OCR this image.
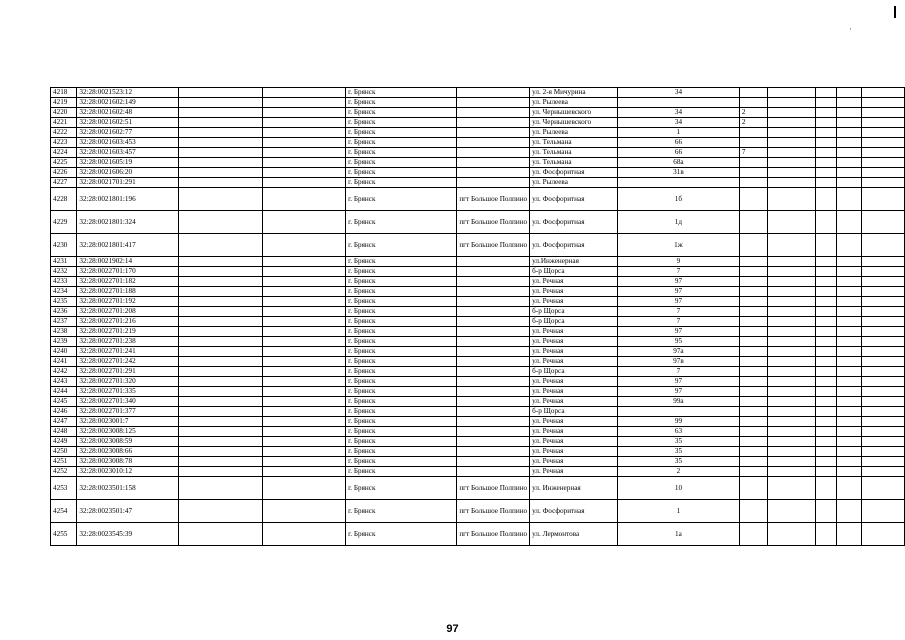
·
4218	32:28:0021523:12			г. Брянск		ул. 2-я Мичурина	34					
4219	32:28:0021602:149			г. Брянск		ул. Рылеева						
4220	32:28:0021602:48			г. Брянск		ул. Чернышевского	34	2				
4221	32:28:0021602:51			г. Брянск		ул. Чернышевского	34	2				
4222	32:28:0021602:77			г. Брянск		ул. Рылеева	1					
4223	32:28:0021603:453			г. Брянск		ул. Тельмана	66					
4224	32:28:0021603:457			г. Брянск		ул. Тельмана	66	7				
4225	32:28:0021605:19			г. Брянск		ул. Тельмана	68а					
4226	32:28:0021606:20			г. Брянск		ул. Фосфоритная	31в					
4227	32:28:0021701:291			г. Брянск		ул. Рылеева						
4228	32:28:0021801:196			г. Брянск	пгт Большое Полпино	ул. Фосфоритная	1б					
4229	32:28:0021801:324			г. Брянск	пгт Большое Полпино	ул. Фосфоритная	1д					
4230	32:28:0021801:417			г. Брянск	пгт Большое Полпино	ул. Фосфоритная	1ж					
4231	32:28:0021902:14			г. Брянск		ул.Инженерная	9					
4232	32:28:0022701:170			г. Брянск		б-р Щорса	7					
4233	32:28:0022701:182			г. Брянск		ул. Речная	97					
4234	32:28:0022701:188			г. Брянск		ул. Речная	97					
4235	32:28:0022701:192			г. Брянск		ул. Речная	97					
4236	32:28:0022701:208			г. Брянск		б-р Щорса	7					
4237	32:28:0022701:216			г. Брянск		б-р Щорса	7					
4238	32:28:0022701:219			г. Брянск		ул. Речная	97					
4239	32:28:0022701:238			г. Брянск		ул. Речная	95					
4240	32:28:0022701:241			г. Брянск		ул. Речная	97а					
4241	32:28:0022701:242			г. Брянск		ул. Речная	97в					
4242	32:28:0022701:291			г. Брянск		б-р Щорса	7					
4243	32:28:0022701:320			г. Брянск		ул. Речная	97					
4244	32:28:0022701:335			г. Брянск		ул. Речная	97					
4245	32:28:0022701:340			г. Брянск		ул. Речная	99а					
4246	32:28:0022701:377			г. Брянск		б-р Щорса						
4247	32:28:0023001:7			г. Брянск		ул. Речная	99					
4248	32:28:0023008:125			г. Брянск		ул. Речная	63					
4249	32:28:0023008:59			г. Брянск		ул. Речная	35					
4250	32:28:0023008:66			г. Брянск		ул. Речная	35					
4251	32:28:0023008:78			г. Брянск		ул. Речная	35					
4252	32:28:0023010:12			г. Брянск		ул. Речная	2					
4253	32:28:0023501:158			г. Брянск	пгт Большое Полпино	ул. Инженерная	10					
4254	32:28:0023501:47			г. Брянск	пгт Большое Полпино	ул. Фосфоритная	1					
4255	32:28:0023545:39			г. Брянск	пгт Большое Полпино	ул. Лермонтова	1а					
97
